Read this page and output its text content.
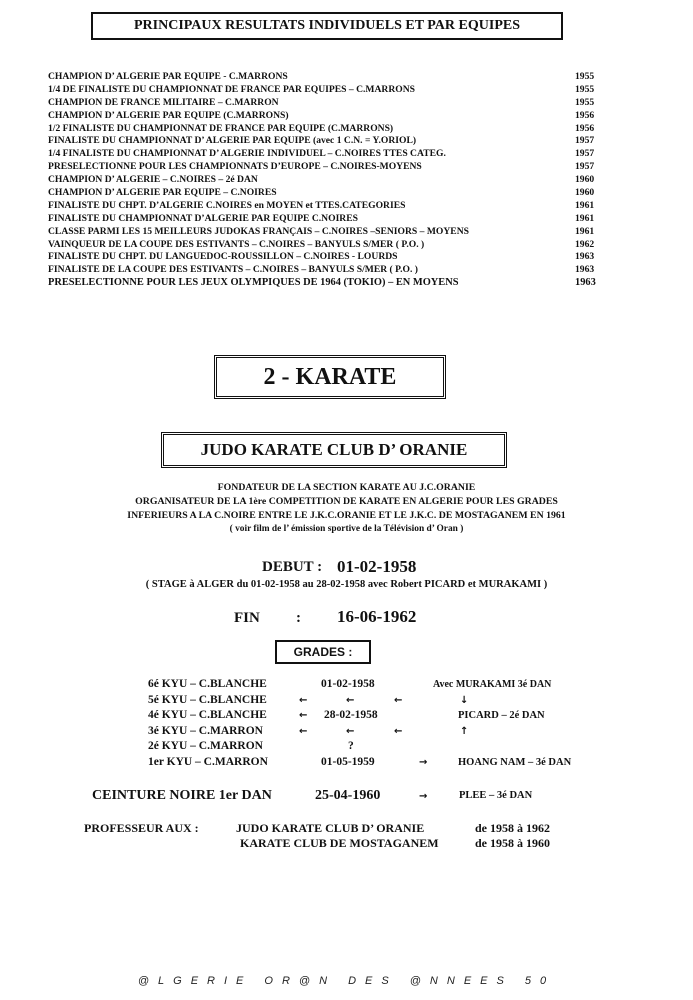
PRINCIPAUX RESULTATS INDIVIDUELS ET PAR EQUIPES
CHAMPION D’ ALGERIE PAR EQUIPE - C.MARRONS	1955
1/4 DE FINALISTE DU CHAMPIONNAT DE FRANCE PAR EQUIPES – C.MARRONS	1955
CHAMPION DE FRANCE MILITAIRE – C.MARRON	1955
CHAMPION D’ ALGERIE PAR EQUIPE (C.MARRONS)	1956
1/2 FINALISTE DU CHAMPIONNAT DE FRANCE PAR EQUIPE (C.MARRONS)	1956
FINALISTE DU CHAMPIONNAT D’ ALGERIE PAR EQUIPE (avec 1 C.N. = Y.ORIOL)	1957
1/4 FINALISTE DU CHAMPIONNAT D’ ALGERIE INDIVIDUEL – C.NOIRES TTES CATEG.	1957
PRESELECTIONNE POUR LES CHAMPIONNATS D’EUROPE – C.NOIRES-MOYENS	1957
CHAMPION D’ ALGERIE – C.NOIRES – 2é DAN	1960
CHAMPION D’ ALGERIE PAR EQUIPE – C.NOIRES	1960
FINALISTE DU CHPT. D’ALGERIE C.NOIRES en MOYEN et TTES.CATEGORIES	1961
FINALISTE DU CHAMPIONNAT D’ALGERIE PAR EQUIPE C.NOIRES	1961
CLASSE PARMI LES 15 MEILLEURS JUDOKAS FRANÇAIS – C.NOIRES –SENIORS – MOYENS	1961
VAINQUEUR DE LA COUPE DES ESTIVANTS – C.NOIRES – BANYULS S/MER ( P.O. )	1962
FINALISTE DU CHPT. DU LANGUEDOC-ROUSSILLON – C.NOIRES - LOURDS	1963
FINALISTE DE LA COUPE DES ESTIVANTS – C.NOIRES – BANYULS S/MER ( P.O. )	1963
PRESELECTIONNE POUR LES JEUX OLYMPIQUES DE 1964 (TOKIO) – EN MOYENS	1963
2 - KARATE
JUDO KARATE CLUB D’ ORANIE
FONDATEUR DE LA SECTION KARATE AU J.C.ORANIE
ORGANISATEUR DE LA 1ère COMPETITION DE KARATE EN ALGERIE POUR LES GRADES
INFERIEURS A LA C.NOIRE ENTRE LE J.K.C.ORANIE ET LE J.K.C. DE MOSTAGANEM EN 1961
( voir film de l’ émission sportive de la Télévision d’ Oran )
DEBUT : 01-02-1958
( STAGE à ALGER du 01-02-1958 au 28-02-1958 avec Robert PICARD et MURAKAMI )
FIN : 16-06-1962
GRADES :
6é KYU – C.BLANCHE	01-02-1958	Avec MURAKAMI 3é DAN
5é KYU – C.BLANCHE	←	←	←	↓
4é KYU – C.BLANCHE	← 28-02-1958	PICARD – 2é DAN
3é KYU – C.MARRON	←	←	←	↑
2é KYU – C.MARRON	?
1er KYU – C.MARRON	01-05-1959	→	HOANG NAM – 3é DAN
CEINTURE NOIRE 1er DAN	25-04-1960	→	PLEE – 3é DAN
PROFESSEUR AUX :	JUDO KARATE CLUB D’ ORANIE	de 1958 à 1962
KARATE CLUB DE MOSTAGANEM	de 1958 à 1960
@LGERIE OR@N DES @NNEES 50
